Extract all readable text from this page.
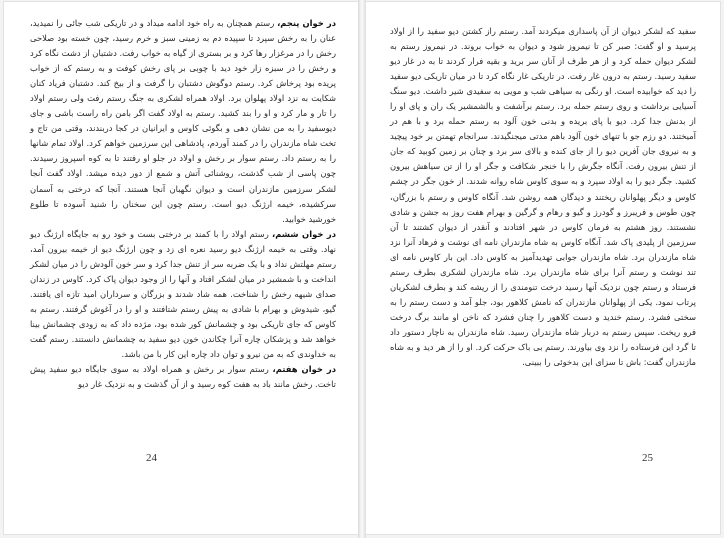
در خوان پنجم، رستم همچنان به راه خود ادامه میداد و در تاریکی شب جائی را نمیدید، عنان را به رخش سپرد تا سپیده دم به زمینی سبز و خرم رسید، چون خسته بود صلاحی رخش را در مرغزار رها کرد و بر بستری از گیاه به خواب رفت. دشتبان از دشت نگاه کرد و رخش را در سبزه زار خود دید با چوبی بر پای رخش کوفت و به رستم که از خواب پریده بود پرخاش کرد. رستم دوگوش دشتبان را گرفت و از بیخ کند. دشتبان فریاد کنان شکایت به نزد اولاد پهلوان برد. اولاد همراه لشکری به جنگ رستم رفت ولی رستم اولاد را تار و مار کرد و او را بند کشید. رستم به اولاد گفت اگر بامن راه راست باشی و جای دیوسفید را به من نشان دهی و بگوئی کاوس و ایرانیان در کجا دربندند، وقتی من تاج و تخت شاه مازندران را در کمند آوردم، پادشاهی این سرزمین خواهم کرد. اولاد تمام شانها را به رستم داد. رستم سوار بر رخش و اولاد در جلو او رفتند تا به کوه اسپروز رسیدند. چون پاسی از شب گذشت، روشنائی آتش و شمع از دور دیده میشد. اولاد گفت آنجا لشکر سرزمین مازندران است و دیوان نگهبان آنجا هستند. آنجا که درختی به آسمان سرکشیده، خیمه ارژنگ دیو است. رستم چون این سخنان را شنید آسوده تا طلوع خورشید خوابید.

در خوان ششم، رستم اولاد را با کمند بر درختی بست و خود رو به جایگاه ارژنگ دیو نهاد. وقتی به خیمه ارژنگ دیو رسید نعره ای زد و چون ارژنگ دیو از خیمه بیرون آمد، رستم مهلتش نداد و با یک ضربه سر از تنش جدا کرد و سر خون آلودش را در میان لشکر انداخت و با شمشیر در میان لشکر افتاد و آنها را از وجود دیوان پاک کرد. کاوس در زندان صدای شیهه رخش را شناخت. همه شاد شدند و بزرگان و سرداران امید تازه ای یافتند. گیو، شیدوش و بهرام با شادی به پیش رستم شتافتند و او را در آغوش گرفتند. رستم به کاوس که جای تاریکی بود و چشمانش کور شده بود، مژده داد که به زودی چشمانش بینا خواهد شد و پزشکان چاره آنرا چکاندن خون دیو سفید به چشمانش دانستند. رستم گفت به خداوندی که به من نیرو و توان داد چاره این کار با من باشد.

در خوان هفتم، رستم سوار بر رخش و همراه اولاد به سوی جایگاه دیو سفید پیش تاخت. رخش مانند باد به هفت کوه رسید و از آن گذشت و به نزدیک غار دیو

24

سفید که لشکر دیوان از آن پاسداری میکردند آمد. رستم راز کشتن دیو سفید را از اولاد پرسید و او گفت: صبر کن تا نیمروز شود و دیوان به خواب بروند. در نیمروز رستم به لشکر دیوان حمله کرد و از هر طرف از آنان سر برید و بقیه فرار کردند تا به در غار دیو سفید رسید. رستم به درون غار رفت. در تاریکی غار نگاه کرد تا در میان تاریکی دیو سفید را دید که خوابیده است. او رنگی به سیاهی شب و مویی به سفیدی شیر داشت. دیو سنگ آسیایی برداشت و روی رستم حمله برد. رستم برآشفت و بالشمشیر یک ران و پای او را از بدنش جدا کرد. دیو با پای بریده و بدنی خون آلود به رستم حمله برد و با هم در آمیختند. دو رزم جو با تنهای خون آلود باهم مدتی میجنگیدند. سرانجام تهمتن بر خود پیچید و به نیروی جان آفرین دیو را از جای کنده و بالای سر برد و چنان بر زمین کوبید که جان از تنش بیرون رفت. آنگاه جگرش را با خنجر شکافت و جگر او را از تن سیاهش بیرون کشید. جگر دیو را به اولاد سپرد و به سوی کاوس شاه روانه شدند. از خون جگر در چشم کاوس و دیگر پهلوانان ریختند و دیدگان همه روشن شد. آنگاه کاوس و رستم با بزرگان، چون طوس و فریبرز و گودرز و گیو و رهام و گرگین و بهرام هفت روز به جشن و شادی نشستند. روز هشتم به فرمان کاوس در شهر افتادند و آنقدر از دیوان کشتند تا آن سرزمین از پلیدی پاک شد. آنگاه کاوس به شاه مازندران نامه ای نوشت و فرهاد آنرا نزد شاه مازندران برد. شاه مازندران جوابی تهدیدآمیز به کاوس داد. این بار کاوس نامه ای تند نوشت و رستم آنرا برای شاه مازندران برد. شاه مازندران لشکری بطرف رستم فرستاد و رستم چون نزدیک آنها رسید درخت تنومندی را از ریشه کند و بطرف لشکریان پرتاب نمود. یکی از پهلوانان مازندران که نامش کلاهور بود، جلو آمد و دست رستم را به سختی فشرد. رستم خندید و دست کلاهور را چنان فشرد که ناخن او مانند برگ درخت فرو ریخت. سپس رستم به دربار شاه مازندران رسید. شاه مازندران به ناچار دستور داد تا گرد این فرستاده را نزد وی بیاورند. رستم بی باک حرکت کرد. او را از هر دید و به شاه مازندران گفت: باش تا سزای این بدخوئی را ببینی.

25
